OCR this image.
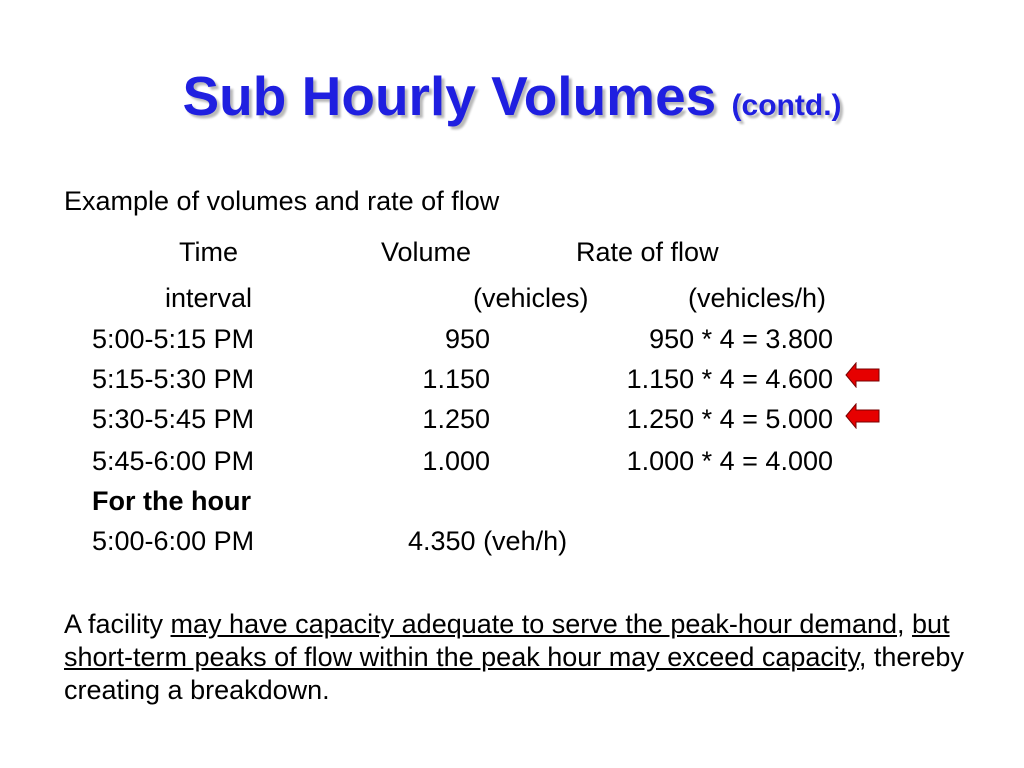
Sub Hourly Volumes (contd.)
Example of volumes and rate of flow
Time	Volume	Rate of flow
interval	(vehicles)	(vehicles/h)
5:00-5:15 PM	950	950 * 4 = 3.800
5:15-5:30 PM	1.150	1.150 * 4 = 4.600
5:30-5:45 PM	1.250	1.250 * 4 = 5.000
5:45-6:00 PM	1.000	1.000 * 4 = 4.000
For the hour
5:00-6:00 PM	4.350 (veh/h)
A facility may have capacity adequate to serve the peak-hour demand, but short-term peaks of flow within the peak hour may exceed capacity, thereby creating a breakdown.
